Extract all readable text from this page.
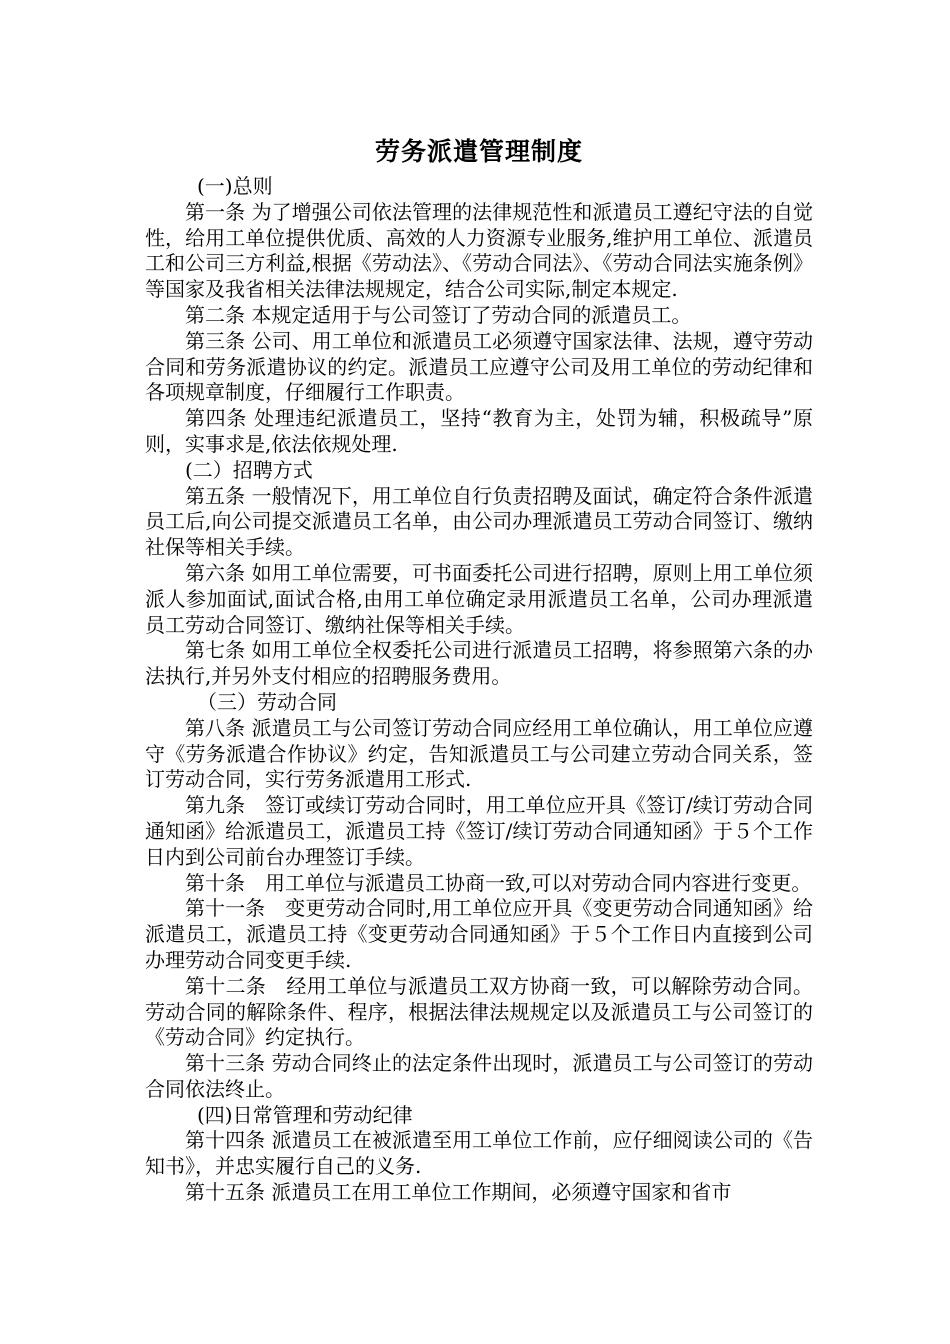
劳务派遣管理制度

(一)总则

第一条 为了增强公司依法管理的法律规范性和派遣员工遵纪守法的自觉性，给用工单位提供优质、高效的人力资源专业服务,维护用工单位、派遣员工和公司三方利益,根据《劳动法》、《劳动合同法》、《劳动合同法实施条例》等国家及我省相关法律法规规定，结合公司实际,制定本规定.

第二条 本规定适用于与公司签订了劳动合同的派遣员工。

第三条 公司、用工单位和派遣员工必须遵守国家法律、法规，遵守劳动合同和劳务派遣协议的约定。派遣员工应遵守公司及用工单位的劳动纪律和各项规章制度，仔细履行工作职责。

第四条 处理违纪派遣员工，坚持“教育为主，处罚为辅，积极疏导”原则，实事求是,依法依规处理.

(二）招聘方式

第五条 一般情况下，用工单位自行负责招聘及面试，确定符合条件派遣员工后,向公司提交派遣员工名单，由公司办理派遣员工劳动合同签订、缴纳社保等相关手续。

第六条 如用工单位需要，可书面委托公司进行招聘，原则上用工单位须派人参加面试,面试合格,由用工单位确定录用派遣员工名单，公司办理派遣员工劳动合同签订、缴纳社保等相关手续。

第七条 如用工单位全权委托公司进行派遣员工招聘，将参照第六条的办法执行,并另外支付相应的招聘服务费用。

（三）劳动合同

第八条 派遣员工与公司签订劳动合同应经用工单位确认，用工单位应遵守《劳务派遣合作协议》约定，告知派遣员工与公司建立劳动合同关系，签订劳动合同，实行劳务派遣用工形式.

第九条　签订或续订劳动合同时，用工单位应开具《签订/续订劳动合同通知函》给派遣员工，派遣员工持《签订/续订劳动合同通知函》于５个工作日内到公司前台办理签订手续。

第十条　用工单位与派遣员工协商一致,可以对劳动合同内容进行变更。

第十一条　变更劳动合同时,用工单位应开具《变更劳动合同通知函》给派遣员工，派遣员工持《变更劳动合同通知函》于５个工作日内直接到公司办理劳动合同变更手续.

第十二条　经用工单位与派遣员工双方协商一致，可以解除劳动合同。劳动合同的解除条件、程序，根据法律法规规定以及派遣员工与公司签订的《劳动合同》约定执行。

第十三条 劳动合同终止的法定条件出现时，派遣员工与公司签订的劳动合同依法终止。

(四)日常管理和劳动纪律

第十四条 派遣员工在被派遣至用工单位工作前，应仔细阅读公司的《告知书》，并忠实履行自己的义务.

第十五条 派遣员工在用工单位工作期间，必须遵守国家和省市
